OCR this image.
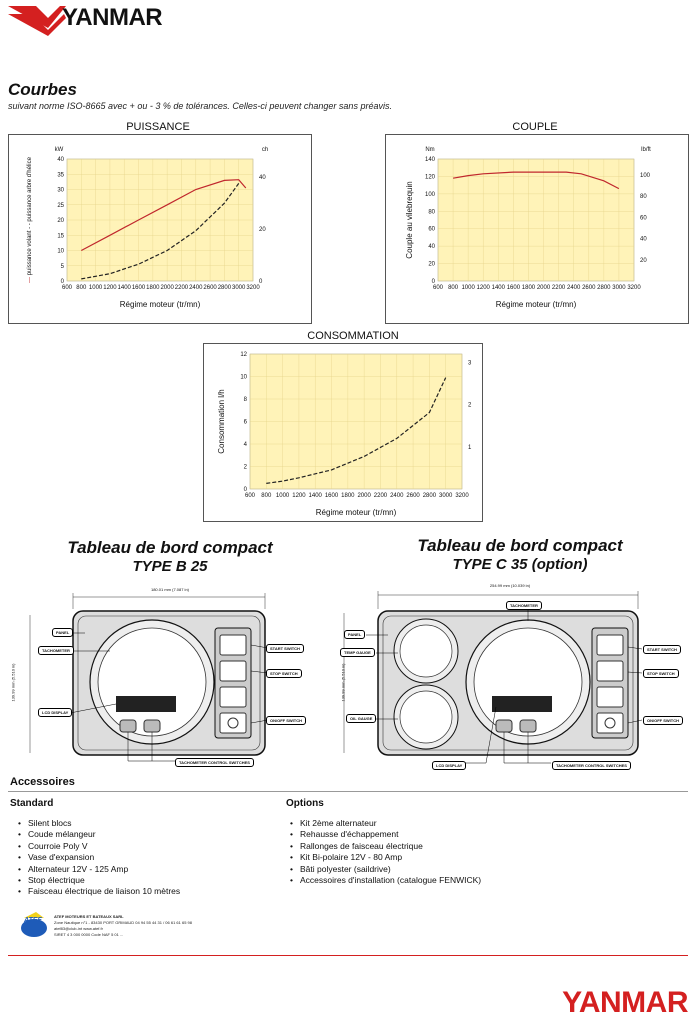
YANMAR
Courbes
suivant norme ISO-8665 avec + ou - 3 % de tolérances. Celles-ci peuvent changer sans préavis.
PUISSANCE
600 800 1000 1200 1400 1600 1800 2000 2200 2400 2600 2800 3000 3200
0
5
10
15
20
25
30
35
40
0
20
40
kW	ch
Régime moteur (tr/mn)
— puissance volant - - puissance arbre d'hélice
COUPLE
600 800 1000 1200 1400 1600 1800 2000 2200 2400 2600 2800 3000 3200
0
20
40
60
80
100
120
140
20
40
60
80
100
Nm	lb/ft
Régime moteur (tr/mn)
Couple au vilebrequin
CONSOMMATION
600 800 1000 1200 1400 1600 1800 2000 2200 2400 2600 2800 3000 3200
0
2
4
6
8
10
12
1
2
3
Régime moteur (tr/mn)
Consommation l/h
Tableau de bord compact
TYPE B 25
Tableau de bord compact
TYPE C 35 (option)
180.01 mm (7.087 in)
139.99 mm (5.510 in)
PANEL
TACHOMETER
LCD DISPLAY
START SWITCH
STOP SWITCH
ON/OFF SWITCH
TACHOMETER CONTROL SWITCHES
254.99 mm (10.039 in)
139.99 mm (5.510 in)
TACHOMETER
PANEL
TEMP GAUGE
OIL GAUGE
START SWITCH
STOP SWITCH
ON/OFF SWITCH
LCD DISPLAY	TACHOMETER CONTROL SWITCHES
Accessoires
Standard	Options
• Silent blocs
• Coude mélangeur
• Courroie Poly V
• Vase d'expansion
• Alternateur 12V - 125 Amp
• Stop électrique
• Faisceau électrique de liaison 10 mètres
• Kit 2ème alternateur
• Rehausse d'échappement
• Rallonges de faisceau électrique
• Kit Bi-polaire 12V - 80 Amp
• Bâti polyester (saildrive)
• Accessoires d'installation (catalogue FENWICK)
ATEF
ATEF MOTEURS ET BATEAUX SARL
Zone Nautique n°1 - 83430 PORT GRIMAUD 04 94 55 44 31 / 06 61 61 65 98
atef83@club-int www.atef.fr
SIRET 4 3 000 0000 Code NAF 5 01 ...
YANMAR
